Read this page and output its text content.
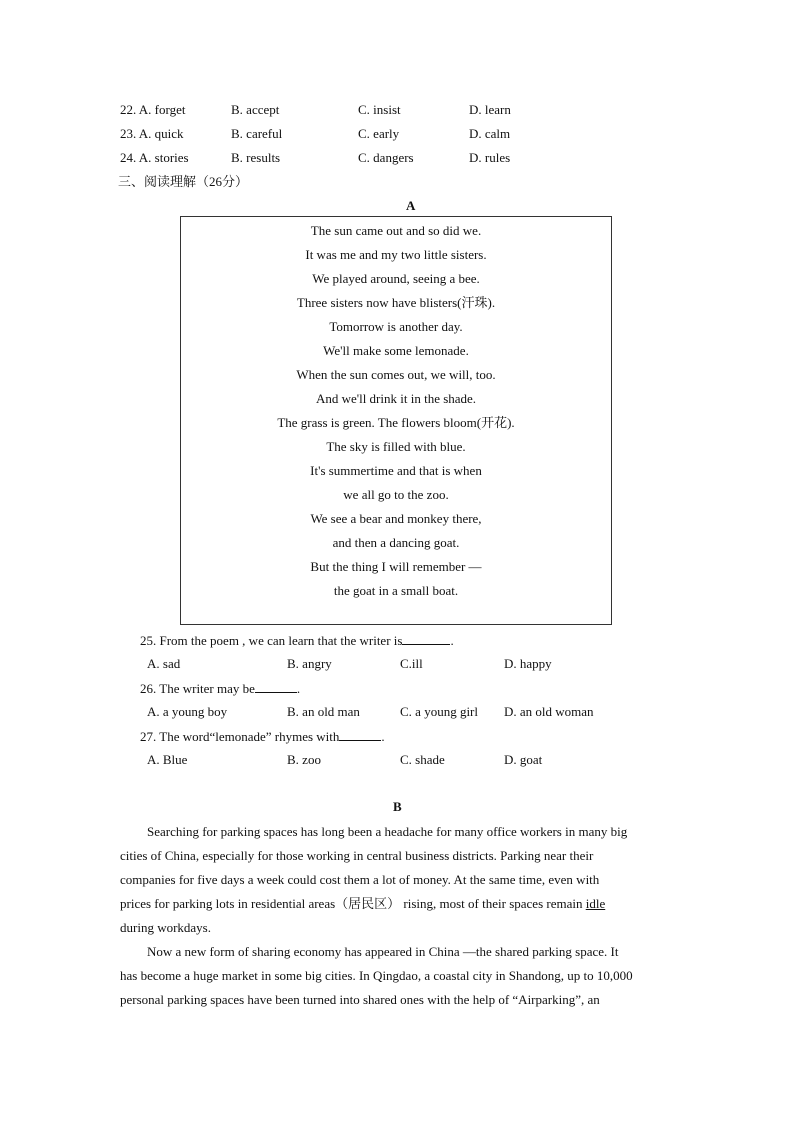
22. A. forget	B. accept	C. insist	D. learn
23. A. quick	B. careful	C. early	D. calm
24. A. stories	B. results	C. dangers	D. rules
三、阅读理解（26分）
A
The sun came out and so did we.
It was me and my two little sisters.
We played around, seeing a bee.
Three sisters now have blisters(汗珠).
Tomorrow is another day.
We'll make some lemonade.
When the sun comes out, we will, too.
And we'll drink it in the shade.
The grass is green. The flowers bloom(开花).
The sky is filled with blue.
It's summertime and that is when
we all go to the zoo.
We see a bear and monkey there,
and then a dancing goat.
But the thing I will remember —
the goat in a small boat.
25. From the poem , we can learn that the writer is	.
A. sad	B. angry	C.ill	D. happy
26. The writer may be	.
A. a young boy	B. an old man	C. a young girl D. an old woman
27. The word“lemonade” rhymes with	.
A. Blue	B. zoo	C. shade	D. goat
B
Searching for parking spaces has long been a headache for many office workers in many big
cities of China, especially for those working in central business districts. Parking near their
companies for five days a week could cost them a lot of money. At the same time, even with
prices for parking lots in residential areas（居民区） rising, most of their spaces remain idle
during workdays.
Now a new form of sharing economy has appeared in China —the shared parking space. It
has become a huge market in some big cities. In Qingdao, a coastal city in Shandong, up to 10,000
personal parking spaces have been turned into shared ones with the help of “Airparking”, an
